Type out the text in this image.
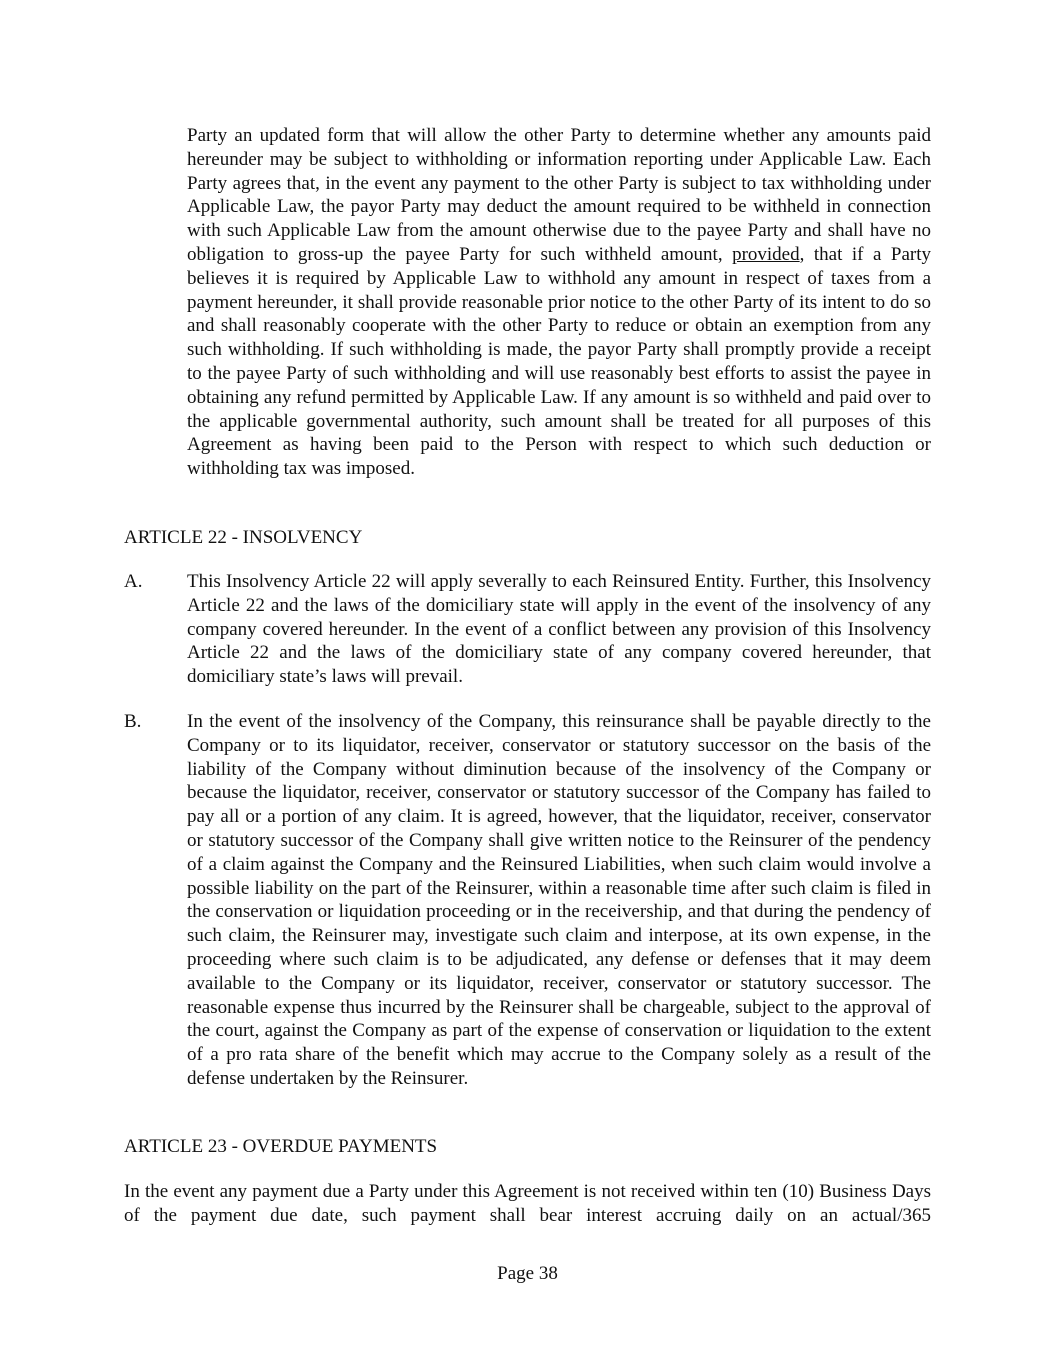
Party an updated form that will allow the other Party to determine whether any amounts paid hereunder may be subject to withholding or information reporting under Applicable Law. Each Party agrees that, in the event any payment to the other Party is subject to tax withholding under Applicable Law, the payor Party may deduct the amount required to be withheld in connection with such Applicable Law from the amount otherwise due to the payee Party and shall have no obligation to gross-up the payee Party for such withheld amount, provided, that if a Party believes it is required by Applicable Law to withhold any amount in respect of taxes from a payment hereunder, it shall provide reasonable prior notice to the other Party of its intent to do so and shall reasonably cooperate with the other Party to reduce or obtain an exemption from any such withholding. If such withholding is made, the payor Party shall promptly provide a receipt to the payee Party of such withholding and will use reasonably best efforts to assist the payee in obtaining any refund permitted by Applicable Law. If any amount is so withheld and paid over to the applicable governmental authority, such amount shall be treated for all purposes of this Agreement as having been paid to the Person with respect to which such deduction or withholding tax was imposed.

ARTICLE 22 - INSOLVENCY
A. This Insolvency Article 22 will apply severally to each Reinsured Entity. Further, this Insolvency Article 22 and the laws of the domiciliary state will apply in the event of the insolvency of any company covered hereunder. In the event of a conflict between any provision of this Insolvency Article 22 and the laws of the domiciliary state of any company covered hereunder, that domiciliary state’s laws will prevail.

B. In the event of the insolvency of the Company, this reinsurance shall be payable directly to the Company or to its liquidator, receiver, conservator or statutory successor on the basis of the liability of the Company without diminution because of the insolvency of the Company or because the liquidator, receiver, conservator or statutory successor of the Company has failed to pay all or a portion of any claim. It is agreed, however, that the liquidator, receiver, conservator or statutory successor of the Company shall give written notice to the Reinsurer of the pendency of a claim against the Company and the Reinsured Liabilities, when such claim would involve a possible liability on the part of the Reinsurer, within a reasonable time after such claim is filed in the conservation or liquidation proceeding or in the receivership, and that during the pendency of such claim, the Reinsurer may, investigate such claim and interpose, at its own expense, in the proceeding where such claim is to be adjudicated, any defense or defenses that it may deem available to the Company or its liquidator, receiver, conservator or statutory successor. The reasonable expense thus incurred by the Reinsurer shall be chargeable, subject to the approval of the court, against the Company as part of the expense of conservation or liquidation to the extent of a pro rata share of the benefit which may accrue to the Company solely as a result of the defense undertaken by the Reinsurer.

ARTICLE 23 - OVERDUE PAYMENTS

In the event any payment due a Party under this Agreement is not received within ten (10) Business Days of the payment due date, such payment shall bear interest accruing daily on an actual/365

Page 38
